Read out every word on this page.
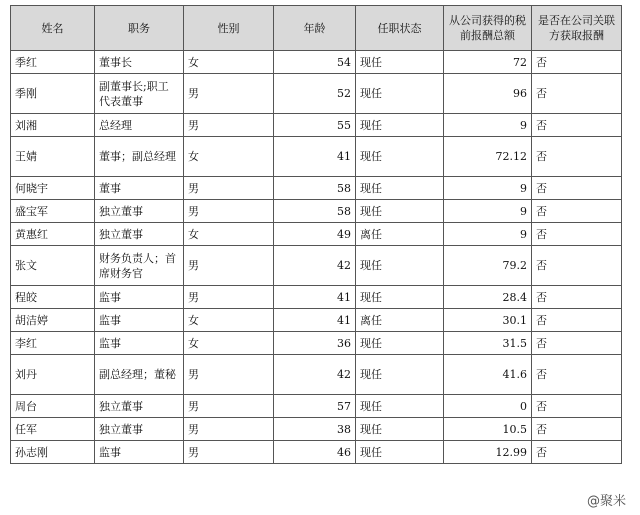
姓名	职务	性别	年龄	任职状态	从公司获得的税前报酬总额	是否在公司关联方获取报酬
季红	董事长	女	54	现任	72	否
季刚	副董事长;职工代表董事	男	52	现任	96	否
刘湘	总经理	男	55	现任	9	否
王婧	董事；副总经理	女	41	现任	72.12	否
何晓宇	董事	男	58	现任	9	否
盛宝军	独立董事	男	58	现任	9	否
黄惠红	独立董事	女	49	离任	9	否
张文	财务负责人；首席财务官	男	42	现任	79.2	否
程皎	监事	男	41	现任	28.4	否
胡洁婷	监事	女	41	离任	30.1	否
李红	监事	女	36	现任	31.5	否
刘丹	副总经理；董秘	男	42	现任	41.6	否
周台	独立董事	男	57	现任	0	否
任军	独立董事	男	38	现任	10.5	否
孙志刚	监事	男	46	现任	12.99	否
@聚米
